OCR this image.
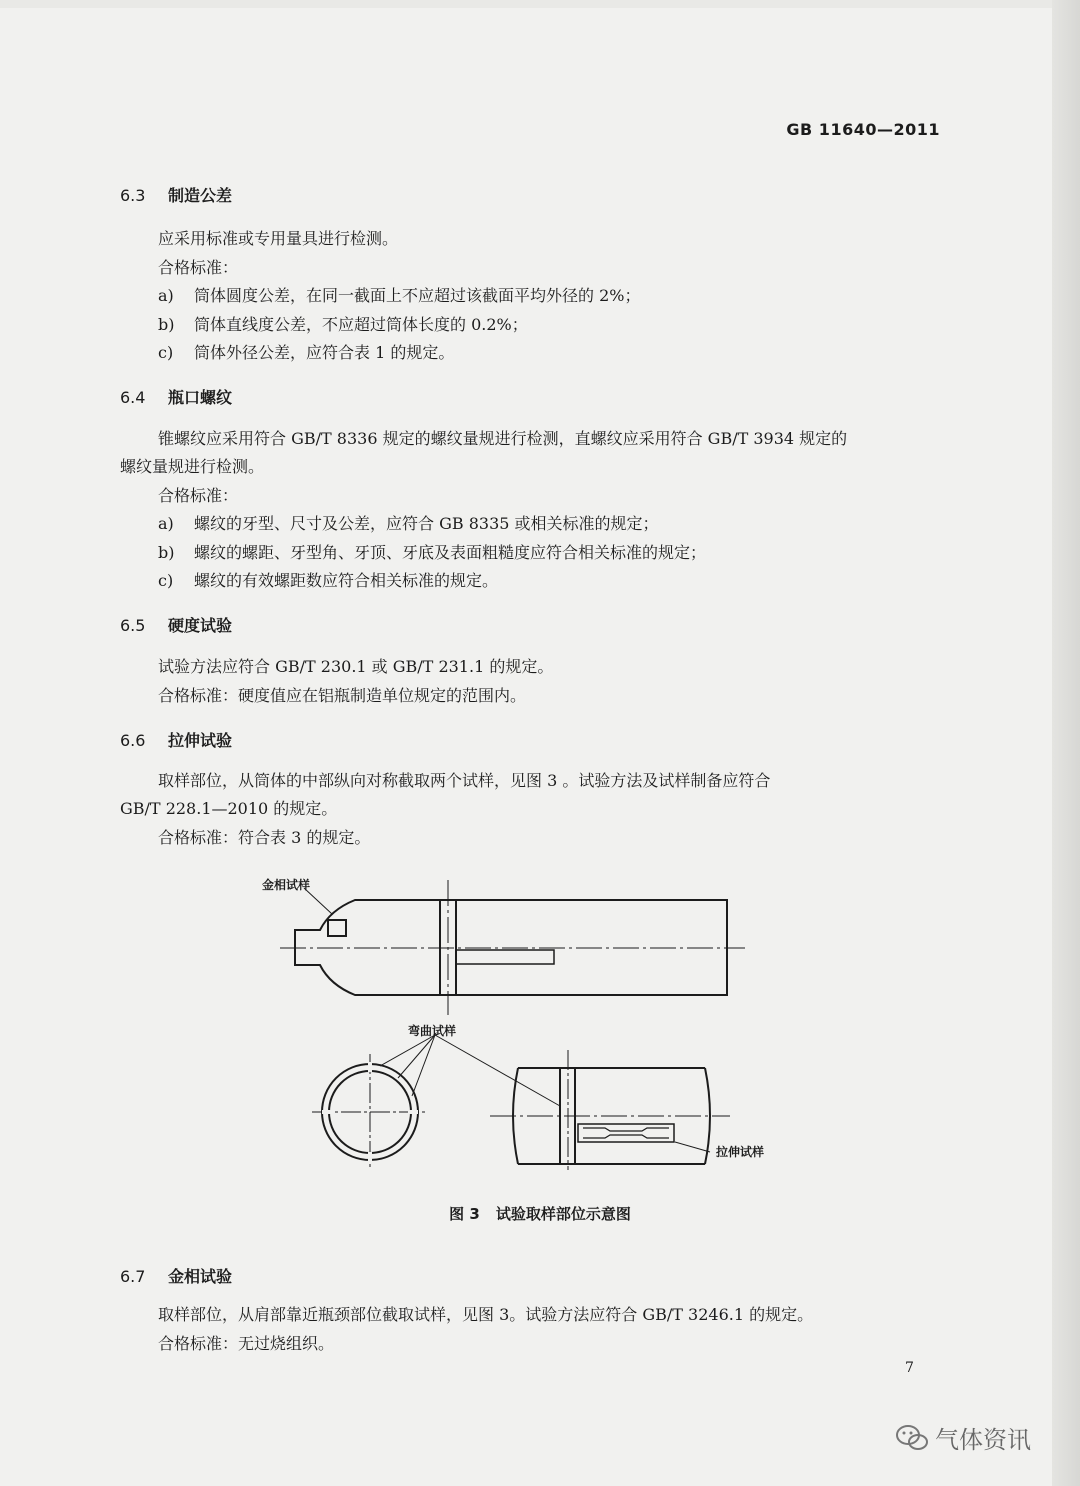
GB 11640—2011
6.3 制造公差
应采用标准或专用量具进行检测。
合格标准：
a) 筒体圆度公差，在同一截面上不应超过该截面平均外径的 2%；
b) 筒体直线度公差，不应超过筒体长度的 0.2%；
c) 筒体外径公差，应符合表 1 的规定。
6.4 瓶口螺纹
锥螺纹应采用符合 GB/T 8336 规定的螺纹量规进行检测，直螺纹应采用符合 GB/T 3934 规定的
螺纹量规进行检测。
合格标准：
a) 螺纹的牙型、尺寸及公差，应符合 GB 8335 或相关标准的规定；
b) 螺纹的螺距、牙型角、牙顶、牙底及表面粗糙度应符合相关标准的规定；
c) 螺纹的有效螺距数应符合相关标准的规定。
6.5 硬度试验
试验方法应符合 GB/T 230.1 或 GB/T 231.1 的规定。
合格标准：硬度值应在铝瓶制造单位规定的范围内。
6.6 拉伸试验
取样部位，从筒体的中部纵向对称截取两个试样，见图 3 。试验方法及试样制备应符合
GB/T 228.1—2010 的规定。
合格标准：符合表 3 的规定。
金相试样
弯曲试样
拉伸试样
图 3 试验取样部位示意图
6.7 金相试验
取样部位，从肩部靠近瓶颈部位截取试样，见图 3。试验方法应符合 GB/T 3246.1 的规定。
合格标准：无过烧组织。
7
气体资讯
